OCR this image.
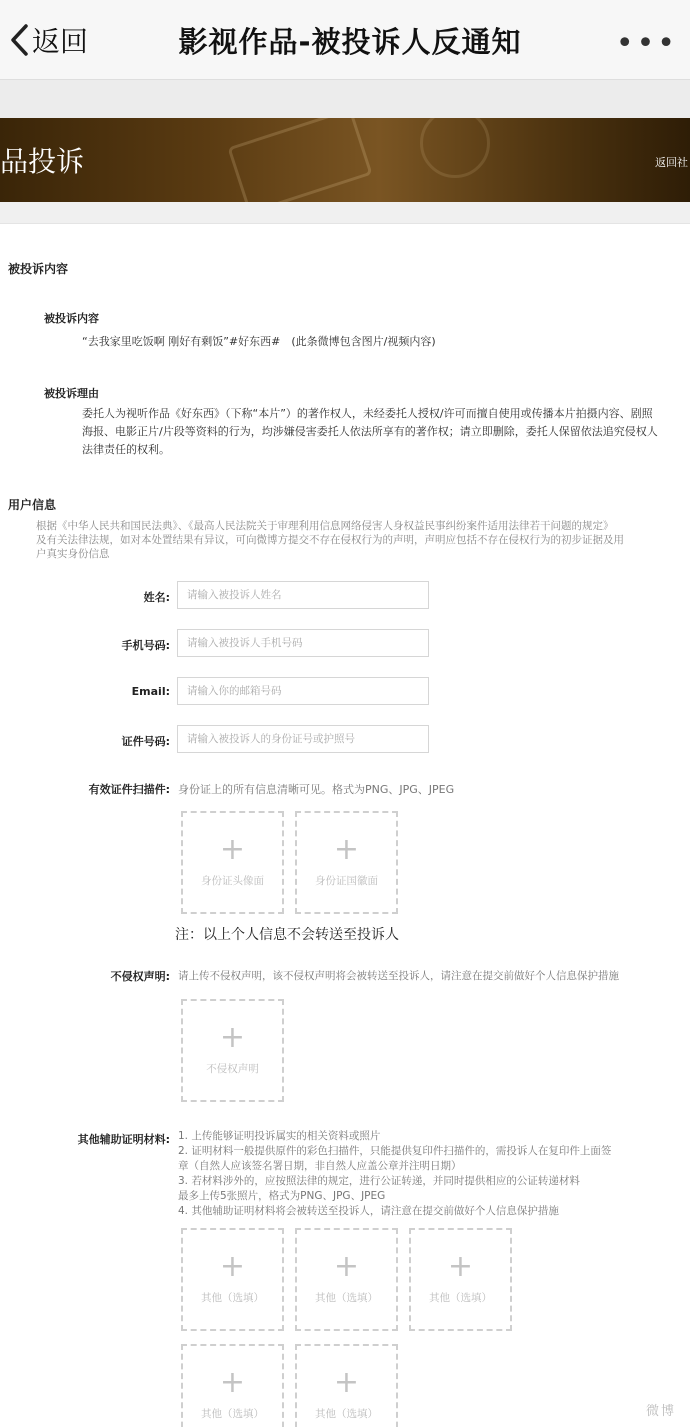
返回	影视作品-被投诉人反通知	•••
品投诉	返回社
被投诉内容
被投诉内容
“去我家里吃饭啊 刚好有剩饭”#好东西#　(此条微博包含图片/视频内容)
被投诉理由
委托人为视听作品《好东西》（下称“本片”）的著作权人，未经委托人授权/许可而擅自使用或传播本片拍摄内容、剧照
海报、电影正片/片段等资料的行为，均涉嫌侵害委托人依法所享有的著作权；请立即删除，委托人保留依法追究侵权人
法律责任的权利。
用户信息
根据《中华人民共和国民法典》、《最高人民法院关于审理利用信息网络侵害人身权益民事纠纷案件适用法律若干问题的规定》
及有关法律法规，如对本处置结果有异议，可向微博方提交不存在侵权行为的声明，声明应包括不存在侵权行为的初步证据及用
户真实身份信息
姓名:
请输入被投诉人姓名
手机号码:
请输入被投诉人手机号码
Email:
请输入你的邮箱号码
证件号码:
请输入被投诉人的身份证号或护照号
有效证件扫描件: 身份证上的所有信息清晰可见。格式为PNG、JPG、JPEG
+
身份证头像面
+
身份证国徽面
注：以上个人信息不会转送至投诉人
不侵权声明: 请上传不侵权声明，该不侵权声明将会被转送至投诉人，请注意在提交前做好个人信息保护措施
+
不侵权声明
其他辅助证明材料: 1. 上传能够证明投诉属实的相关资料或照片
2. 证明材料一般提供原件的彩色扫描件，只能提供复印件扫描件的，需投诉人在复印件上面签
章（自然人应该签名署日期，非自然人应盖公章并注明日期）
3. 若材料涉外的，应按照法律的规定，进行公证转递，并同时提供相应的公证转递材料
最多上传5张照片，格式为PNG、JPG、JPEG
4. 其他辅助证明材料将会被转送至投诉人，请注意在提交前做好个人信息保护措施
+
其他（选填）
+
其他（选填）
+
其他（选填）
+
其他（选填）
+
其他（选填）	微博
